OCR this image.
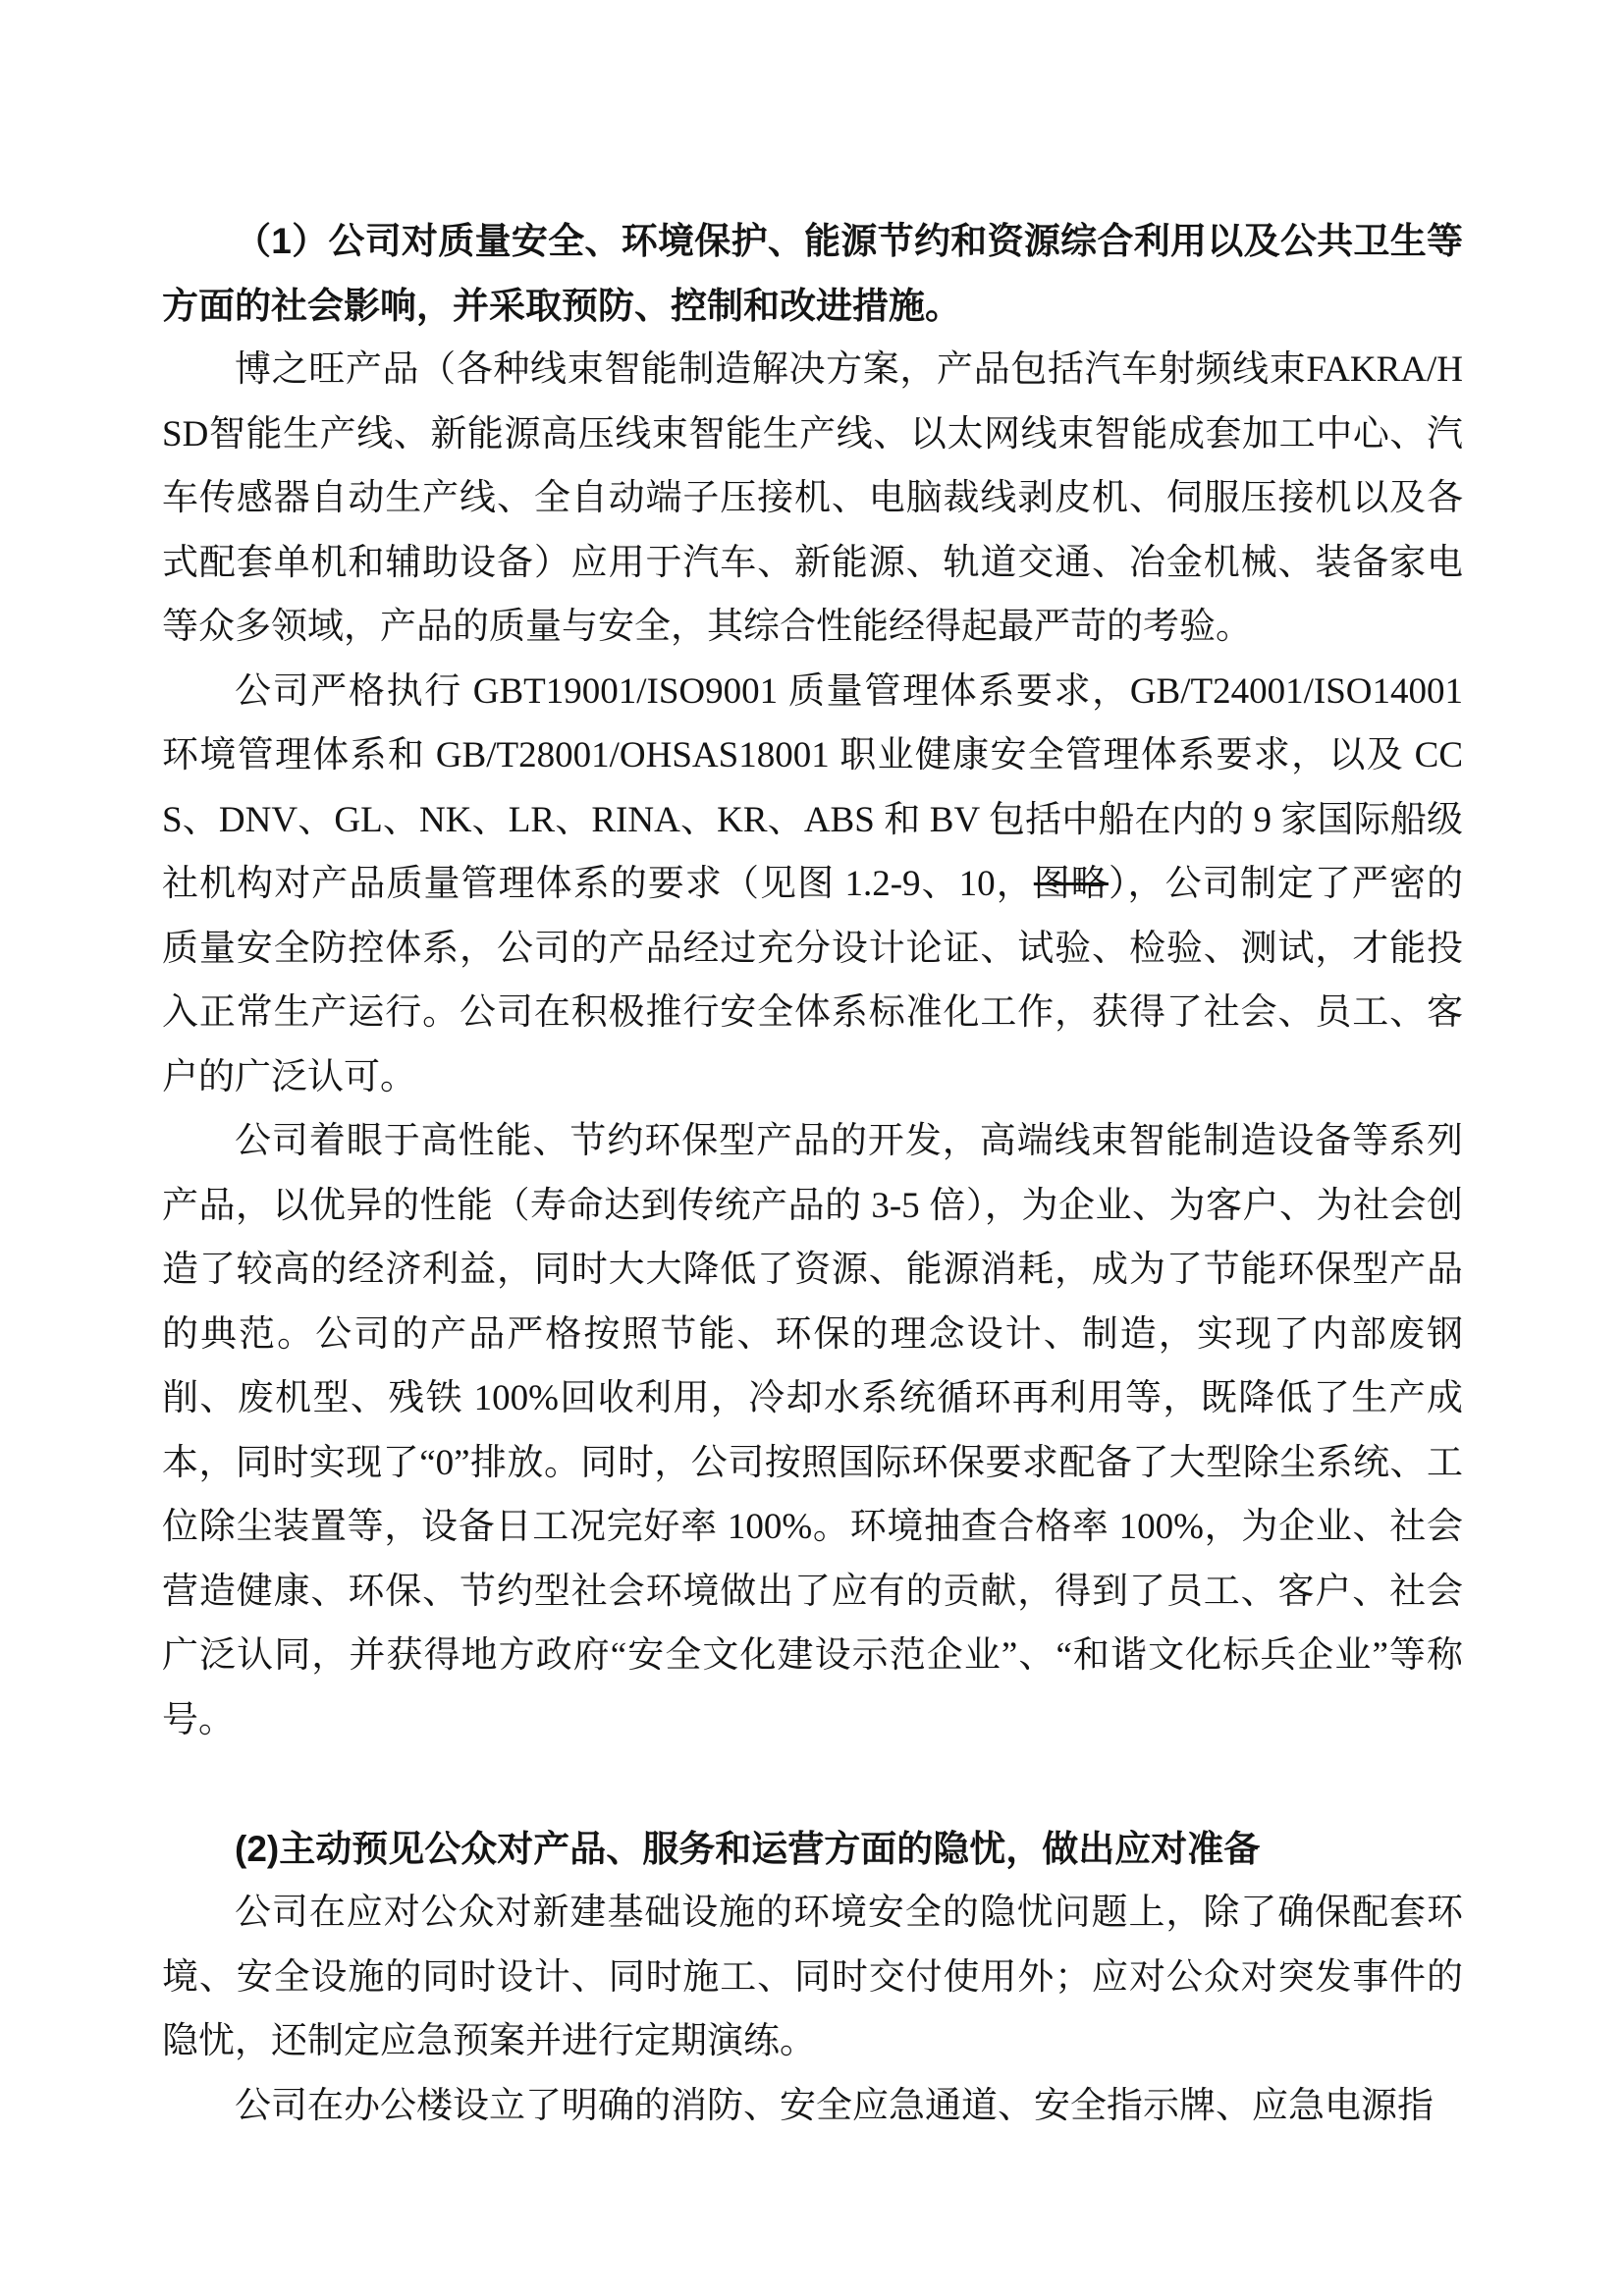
（1）公司对质量安全、环境保护、能源节约和资源综合利用以及公共卫生等方面的社会影响，并采取预防、控制和改进措施。

博之旺产品（各种线束智能制造解决方案，产品包括汽车射频线束FAKRA/HSD智能生产线、新能源高压线束智能生产线、以太网线束智能成套加工中心、汽车传感器自动生产线、全自动端子压接机、电脑裁线剥皮机、伺服压接机以及各式配套单机和辅助设备）应用于汽车、新能源、轨道交通、冶金机械、装备家电等众多领域，产品的质量与安全，其综合性能经得起最严苛的考验。

公司严格执行 GBT19001/ISO9001 质量管理体系要求，GB/T24001/ISO14001 环境管理体系和 GB/T28001/OHSAS18001 职业健康安全管理体系要求，以及 CCS、DNV、GL、NK、LR、RINA、KR、ABS 和 BV 包括中船在内的 9 家国际船级社机构对产品质量管理体系的要求（见图 1.2-9、10，图略），公司制定了严密的质量安全防控体系，公司的产品经过充分设计论证、试验、检验、测试，才能投入正常生产运行。公司在积极推行安全体系标准化工作，获得了社会、员工、客户的广泛认可。

公司着眼于高性能、节约环保型产品的开发，高端线束智能制造设备等系列产品，以优异的性能（寿命达到传统产品的 3-5 倍），为企业、为客户、为社会创造了较高的经济利益，同时大大降低了资源、能源消耗，成为了节能环保型产品的典范。公司的产品严格按照节能、环保的理念设计、制造，实现了内部废钢削、废机型、残铁 100%回收利用，冷却水系统循环再利用等，既降低了生产成本，同时实现了“0”排放。同时，公司按照国际环保要求配备了大型除尘系统、工位除尘装置等，设备日工况完好率 100%。环境抽查合格率 100%，为企业、社会营造健康、环保、节约型社会环境做出了应有的贡献，得到了员工、客户、社会广泛认同，并获得地方政府“安全文化建设示范企业”、“和谐文化标兵企业”等称号。

(2)主动预见公众对产品、服务和运营方面的隐忧，做出应对准备

公司在应对公众对新建基础设施的环境安全的隐忧问题上，除了确保配套环境、安全设施的同时设计、同时施工、同时交付使用外；应对公众对突发事件的隐忧，还制定应急预案并进行定期演练。

公司在办公楼设立了明确的消防、安全应急通道、安全指示牌、应急电源指
